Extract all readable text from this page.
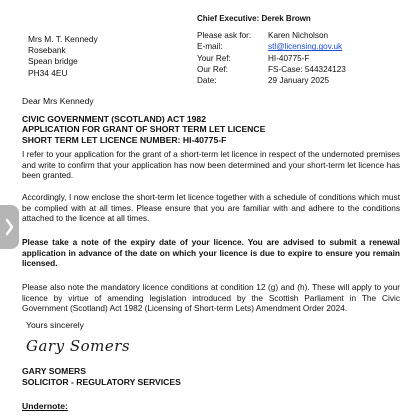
Chief Executive: Derek Brown
Mrs M. T. Kennedy
Rosebank
Spean bridge
PH34 4EU
Please ask for:	Karen Nicholson
E-mail:	stl@licensing.gov.uk
Your Ref:	HI-40775-F
Our Ref:	FS-Case: 544324123
Date:	29 January 2025
Dear Mrs Kennedy
CIVIC GOVERNMENT (SCOTLAND) ACT 1982
APPLICATION FOR GRANT OF SHORT TERM LET LICENCE
SHORT TERM LET LICENCE NUMBER: HI-40775-F
I refer to your application for the grant of a short-term let licence in respect of the undernoted premises and write to confirm that your application has now been determined and your short-term let licence has been granted.
Accordingly, I now enclose the short-term let licence together with a schedule of conditions which must be complied with at all times. Please ensure that you are familiar with and adhere to the conditions attached to the licence at all times.
Please take a note of the expiry date of your licence. You are advised to submit a renewal application in advance of the date on which your licence is due to expire to ensure you remain licensed.
Please also note the mandatory licence conditions at condition 12 (g) and (h). These will apply to your licence by virtue of amending legislation introduced by the Scottish Parliament in The Civic Government (Scotland) Act 1982 (Licensing of Short-term Lets) Amendment Order 2024.
Yours sincerely
Gary Somers
GARY SOMERS
SOLICITOR - REGULATORY SERVICES
Undernote:
